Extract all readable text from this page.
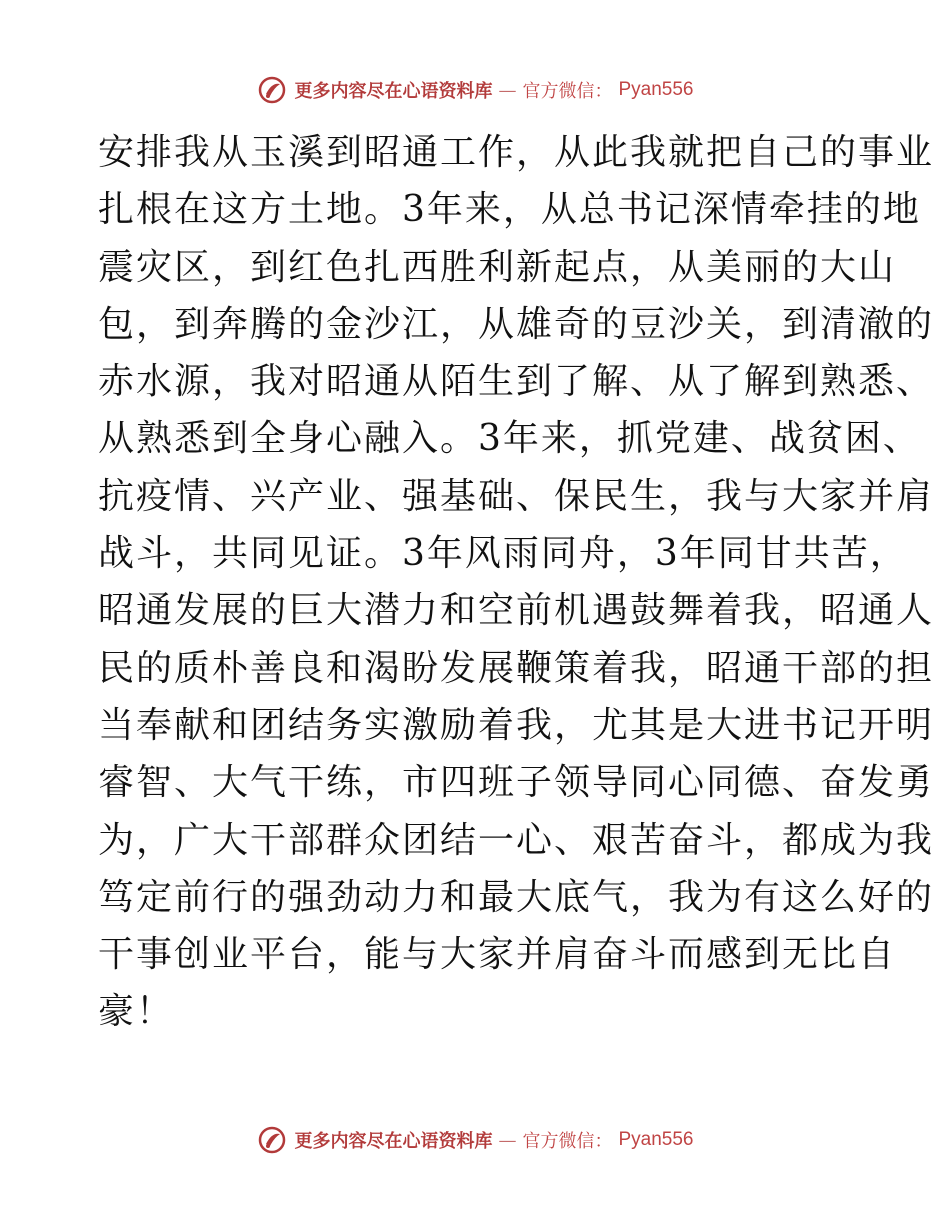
更多内容尽在心语资料库 — 官方微信： Pyan556
安排我从玉溪到昭通工作，从此我就把自己的事业
扎根在这方土地。3年来，从总书记深情牵挂的地
震灾区，到红色扎西胜利新起点，从美丽的大山
包，到奔腾的金沙江，从雄奇的豆沙关，到清澈的
赤水源，我对昭通从陌生到了解、从了解到熟悉、
从熟悉到全身心融入。3年来，抓党建、战贫困、
抗疫情、兴产业、强基础、保民生，我与大家并肩
战斗，共同见证。3年风雨同舟，3年同甘共苦，
昭通发展的巨大潜力和空前机遇鼓舞着我，昭通人
民的质朴善良和渴盼发展鞭策着我，昭通干部的担
当奉献和团结务实激励着我，尤其是大进书记开明
睿智、大气干练，市四班子领导同心同德、奋发勇
为，广大干部群众团结一心、艰苦奋斗，都成为我
笃定前行的强劲动力和最大底气，我为有这么好的
干事创业平台，能与大家并肩奋斗而感到无比自
豪！
更多内容尽在心语资料库 — 官方微信： Pyan556
